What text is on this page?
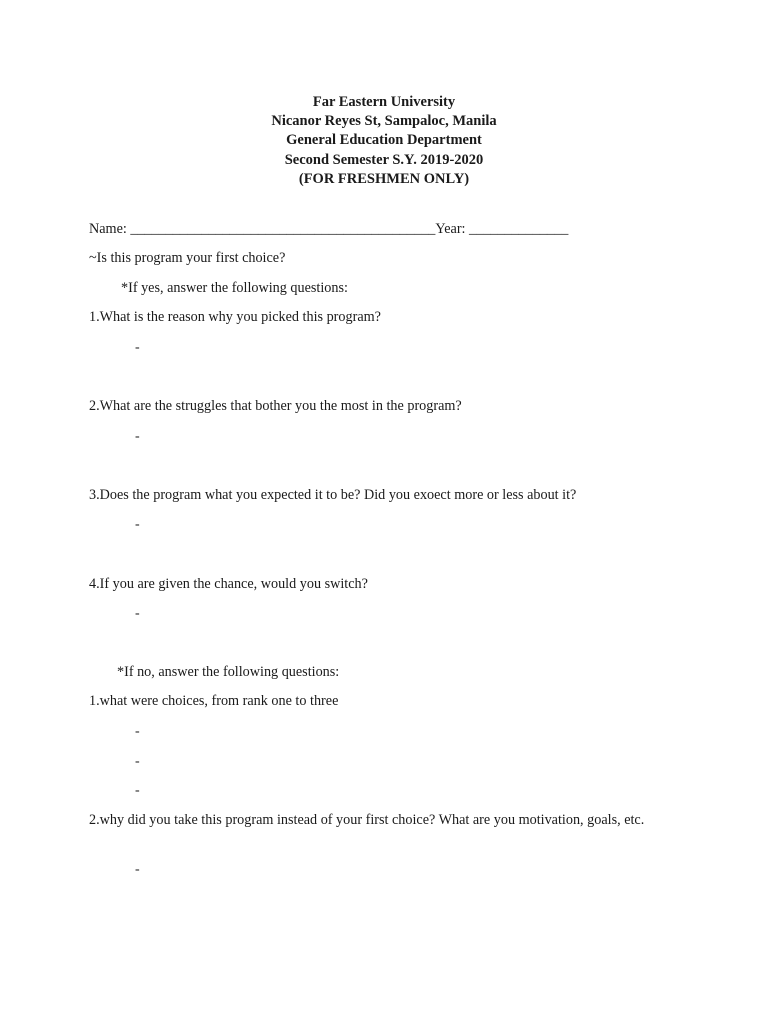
Far Eastern University
Nicanor Reyes St, Sampaloc, Manila
General Education Department
Second Semester S.Y. 2019-2020
(FOR FRESHMEN ONLY)
Name: ___________________________________________Year: ______________
~Is this program your first choice?
*If yes, answer the following questions:
1.What is the reason why you picked this program?
-
2.What are the struggles that bother you the most in the program?
-
3.Does the program what you expected it to be? Did you exoect more or less about it?
-
4.If you are given the chance, would you switch?
-
*If no, answer the following questions:
1.what were choices, from rank one to three
-
-
-
2.why did you take this program instead of your first choice? What are you motivation, goals, etc.
-
